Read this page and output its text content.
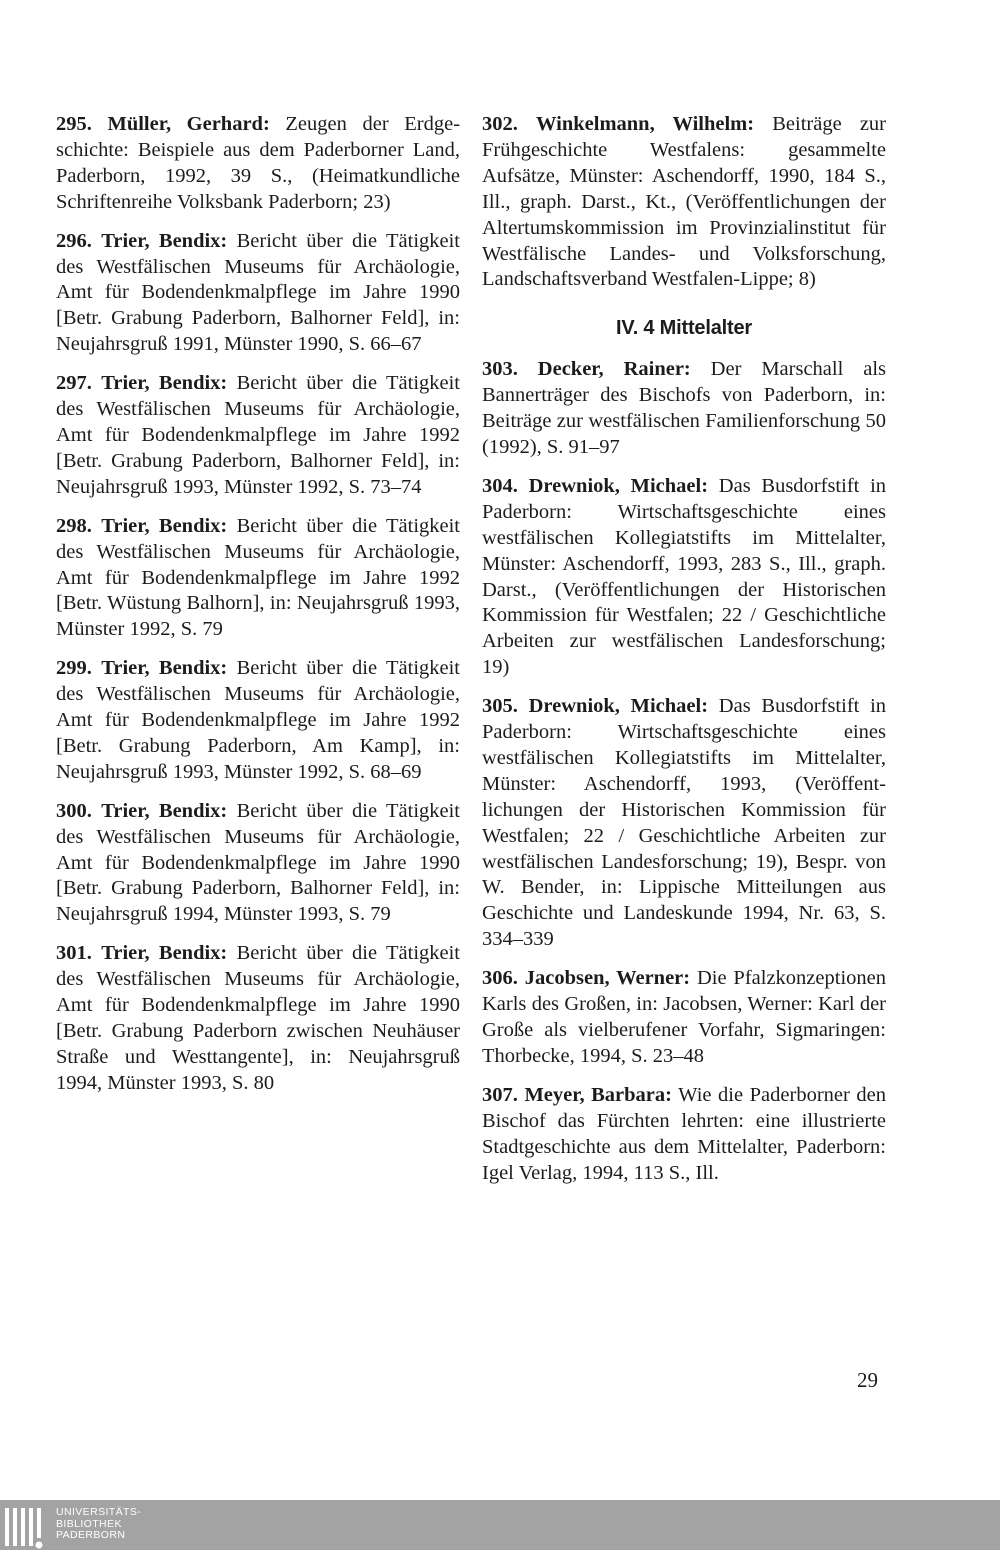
295. Müller, Gerhard: Zeugen der Erdgeschichte: Beispiele aus dem Paderborner Land, Paderborn, 1992, 39 S., (Heimatkundliche Schriftenreihe Volksbank Paderborn; 23)

296. Trier, Bendix: Bericht über die Tätigkeit des Westfälischen Museums für Archäologie, Amt für Bodendenkmalpflege im Jahre 1990 [Betr. Grabung Paderborn, Balhorner Feld], in: Neujahrsgruß 1991, Münster 1990, S. 66–67

297. Trier, Bendix: Bericht über die Tätigkeit des Westfälischen Museums für Archäologie, Amt für Bodendenkmalpflege im Jahre 1992 [Betr. Grabung Paderborn, Balhorner Feld], in: Neujahrsgruß 1993, Münster 1992, S. 73–74

298. Trier, Bendix: Bericht über die Tätigkeit des Westfälischen Museums für Archäologie, Amt für Bodendenkmalpflege im Jahre 1992 [Betr. Wüstung Balhorn], in: Neujahrsgruß 1993, Münster 1992, S. 79

299. Trier, Bendix: Bericht über die Tätigkeit des Westfälischen Museums für Archäologie, Amt für Bodendenkmalpflege im Jahre 1992 [Betr. Grabung Paderborn, Am Kamp], in: Neujahrsgruß 1993, Münster 1992, S. 68–69

300. Trier, Bendix: Bericht über die Tätigkeit des Westfälischen Museums für Archäologie, Amt für Bodendenkmalpflege im Jahre 1990 [Betr. Grabung Paderborn, Balhorner Feld], in: Neujahrsgruß 1994, Münster 1993, S. 79

301. Trier, Bendix: Bericht über die Tätigkeit des Westfälischen Museums für Archäologie, Amt für Bodendenkmalpflege im Jahre 1990 [Betr. Grabung Paderborn zwischen Neuhäuser Straße und Westtangente], in: Neujahrsgruß 1994, Münster 1993, S. 80

302. Winkelmann, Wilhelm: Beiträge zur Frühgeschichte Westfalens: gesammelte Aufsätze, Münster: Aschendorff, 1990, 184 S., Ill., graph. Darst., Kt., (Veröffentlichungen der Altertumskommission im Provinzialinstitut für Westfälische Landes- und Volksforschung, Landschaftsverband Westfalen-Lippe; 8)

IV. 4 Mittelalter

303. Decker, Rainer: Der Marschall als Bannerträger des Bischofs von Paderborn, in: Beiträge zur westfälischen Familienforschung 50 (1992), S. 91–97

304. Drewniok, Michael: Das Busdorfstift in Paderborn: Wirtschaftsgeschichte eines westfälischen Kollegiatstifts im Mittelalter, Münster: Aschendorff, 1993, 283 S., Ill., graph. Darst., (Veröffentlichungen der Historischen Kommission für Westfalen; 22 / Geschichtliche Arbeiten zur westfälischen Landesforschung; 19)

305. Drewniok, Michael: Das Busdorfstift in Paderborn: Wirtschaftsgeschichte eines westfälischen Kollegiatstifts im Mittelalter, Münster: Aschendorff, 1993, (Veröffentlichungen der Historischen Kommission für Westfalen; 22 / Geschichtliche Arbeiten zur westfälischen Landesforschung; 19), Bespr. von W. Bender, in: Lippische Mitteilungen aus Geschichte und Landeskunde 1994, Nr. 63, S. 334–339

306. Jacobsen, Werner: Die Pfalzkonzeptionen Karls des Großen, in: Jacobsen, Werner: Karl der Große als vielberufener Vorfahr, Sigmaringen: Thorbecke, 1994, S. 23–48

307. Meyer, Barbara: Wie die Paderborner den Bischof das Fürchten lehrten: eine illustrierte Stadtgeschichte aus dem Mittelalter, Paderborn: Igel Verlag, 1994, 113 S., Ill.

29
UNIVERSITÄTS-
BIBLIOTHEK
PADERBORN
